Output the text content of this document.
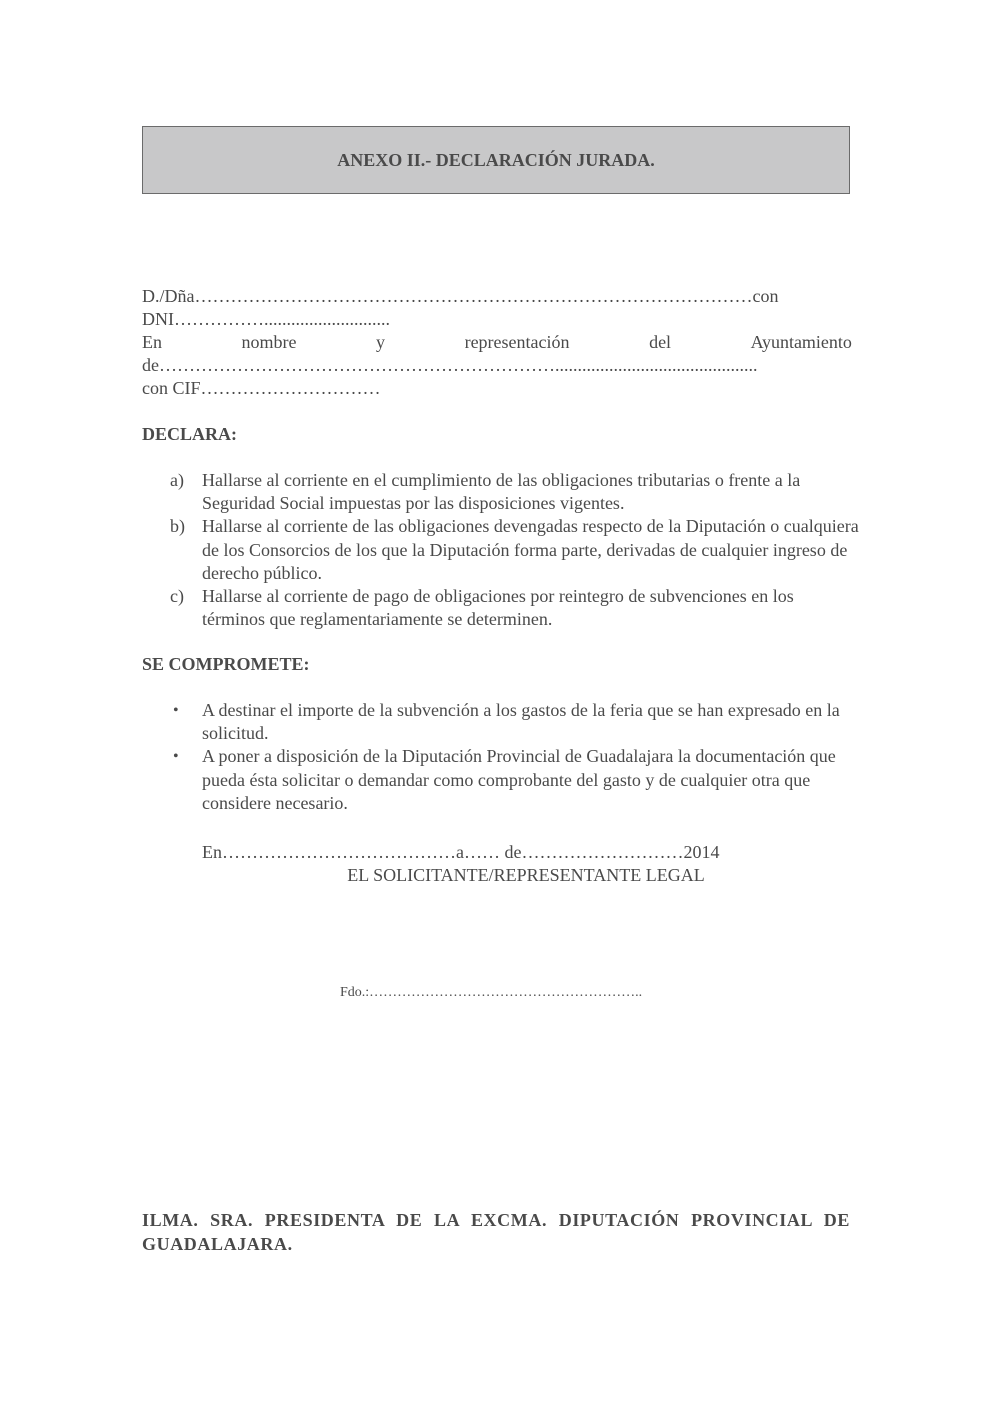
ANEXO II.- DECLARACIÓN JURADA.
D./Dña…………………………………………………………………………………con
DNI……………............................
En	nombre	y	representación	del	Ayuntamiento
de………………………………………………………….............................................
con CIF…………………………
DECLARA:

a) Hallarse al corriente en el cumplimiento de las obligaciones tributarias o frente a la Seguridad Social impuestas por las disposiciones vigentes.

b) Hallarse al corriente de las obligaciones devengadas respecto de la Diputación o cualquiera de los Consorcios de los que la Diputación forma parte, derivadas de cualquier ingreso de derecho público.

c) Hallarse al corriente de pago de obligaciones por reintegro de subvenciones en los términos que reglamentariamente se determinen.

SE COMPROMETE:

• A destinar el importe de la subvención a los gastos de la feria que se han expresado en la solicitud.

• A poner a disposición de la Diputación Provincial de Guadalajara la documentación que pueda ésta solicitar o demandar como comprobante del gasto y de cualquier otra que considere necesario.

En…………………………………a…… de………………………2014
EL SOLICITANTE/REPRESENTANTE LEGAL
Fdo.:…………………………………………………..
ILMA. SRA. PRESIDENTA DE LA EXCMA. DIPUTACIÓN PROVINCIAL DE GUADALAJARA.
